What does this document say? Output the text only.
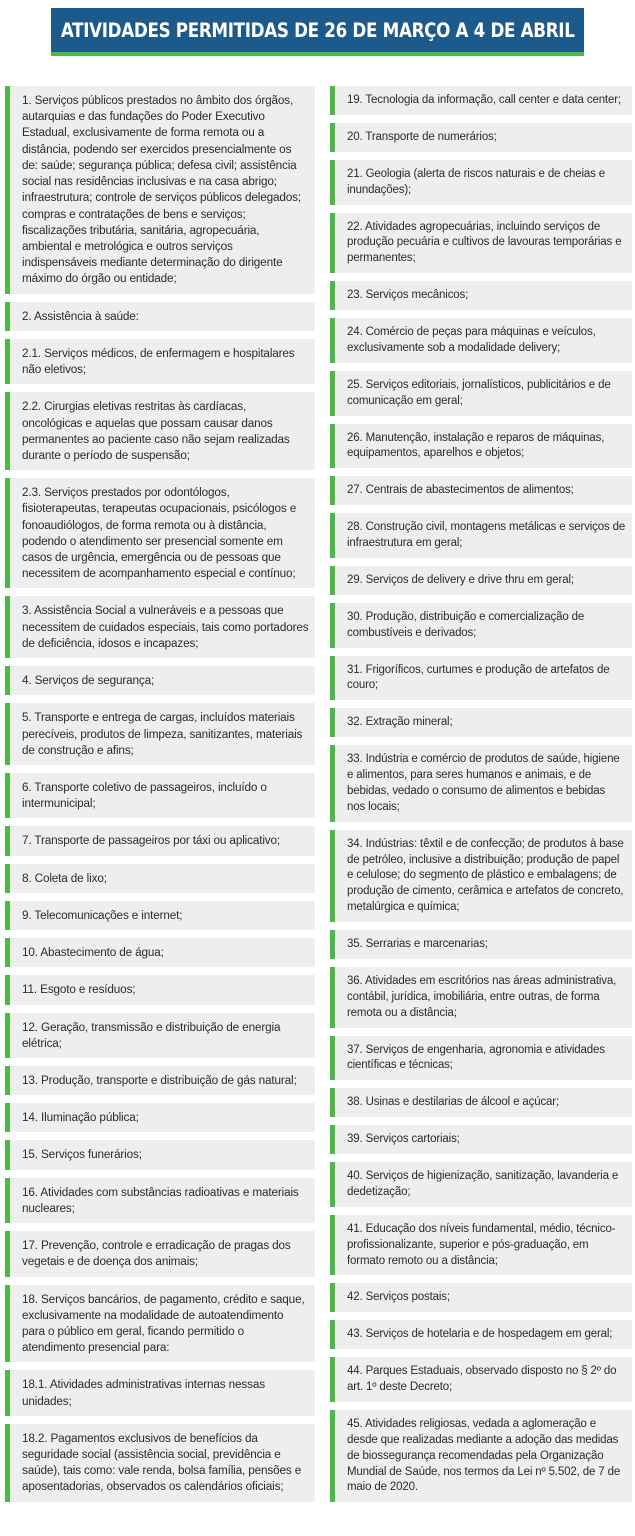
ATIVIDADES PERMITIDAS DE 26 DE MARÇO A 4 DE ABRIL
1. Serviços públicos prestados no âmbito dos órgãos, autarquias e das fundações do Poder Executivo Estadual, exclusivamente de forma remota ou a distância, podendo ser exercidos presencialmente os de: saúde; segurança pública; defesa civil; assistência social nas residências inclusivas e na casa abrigo; infraestrutura; controle de serviços públicos delegados; compras e contratações de bens e serviços; fiscalizações tributária, sanitária, agropecuária, ambiental e metrológica e outros serviços indispensáveis mediante determinação do dirigente máximo do órgão ou entidade;
2. Assistência à saúde:
2.1. Serviços médicos, de enfermagem e hospitalares não eletivos;
2.2. Cirurgias eletivas restritas às cardíacas, oncológicas e aquelas que possam causar danos permanentes ao paciente caso não sejam realizadas durante o período de suspensão;
2.3. Serviços prestados por odontólogos, fisioterapeutas, terapeutas ocupacionais, psicólogos e fonoaudiólogos, de forma remota ou à distância, podendo o atendimento ser presencial somente em casos de urgência, emergência ou de pessoas que necessitem de acompanhamento especial e contínuo;
3. Assistência Social a vulneráveis e a pessoas que necessitem de cuidados especiais, tais como portadores de deficiência, idosos e incapazes;
4. Serviços de segurança;
5. Transporte e entrega de cargas, incluídos materiais perecíveis, produtos de limpeza, sanitizantes, materiais de construção e afins;
6. Transporte coletivo de passageiros, incluído o intermunicipal;
7. Transporte de passageiros por táxi ou aplicativo;
8. Coleta de lixo;
9. Telecomunicações e internet;
10. Abastecimento de água;
11. Esgoto e resíduos;
12. Geração, transmissão e distribuição de energia elétrica;
13. Produção, transporte e distribuição de gás natural;
14. Iluminação pública;
15. Serviços funerários;
16. Atividades com substâncias radioativas e materiais nucleares;
17. Prevenção, controle e erradicação de pragas dos vegetais e de doença dos animais;
18. Serviços bancários, de pagamento, crédito e saque, exclusivamente na modalidade de autoatendimento para o público em geral, ficando permitido o atendimento presencial para:
18.1. Atividades administrativas internas nessas unidades;
18.2. Pagamentos exclusivos de benefícios da seguridade social (assistência social, previdência e saúde), tais como: vale renda, bolsa família, pensões e aposentadorias, observados os calendários oficiais;
19. Tecnologia da informação, call center e data center;
20. Transporte de numerários;
21. Geologia (alerta de riscos naturais e de cheias e inundações);
22. Atividades agropecuárias, incluindo serviços de produção pecuária e cultivos de lavouras temporárias e permanentes;
23. Serviços mecânicos;
24. Comércio de peças para máquinas e veículos, exclusivamente sob a modalidade delivery;
25. Serviços editoriais, jornalísticos, publicitários e de comunicação em geral;
26. Manutenção, instalação e reparos de máquinas, equipamentos, aparelhos e objetos;
27. Centrais de abastecimentos de alimentos;
28. Construção civil, montagens metálicas e serviços de infraestrutura em geral;
29. Serviços de delivery e drive thru em geral;
30. Produção, distribuição e comercialização de combustíveis e derivados;
31. Frigoríficos, curtumes e produção de artefatos de couro;
32. Extração mineral;
33. Indústria e comércio de produtos de saúde, higiene e alimentos, para seres humanos e animais, e de bebidas, vedado o consumo de alimentos e bebidas nos locais;
34. Indústrias: têxtil e de confecção; de produtos à base de petróleo, inclusive a distribuição; produção de papel e celulose; do segmento de plástico e embalagens; de produção de cimento, cerâmica e artefatos de concreto, metalúrgica e química;
35. Serrarias e marcenarias;
36. Atividades em escritórios nas áreas administrativa, contábil, jurídica, imobiliária, entre outras, de forma remota ou a distância;
37. Serviços de engenharia, agronomia e atividades científicas e técnicas;
38. Usinas e destilarias de álcool e açúcar;
39. Serviços cartoriais;
40. Serviços de higienização, sanitização, lavanderia e dedetização;
41. Educação dos níveis fundamental, médio, técnico-profissionalizante, superior e pós-graduação, em formato remoto ou a distância;
42. Serviços postais;
43. Serviços de hotelaria e de hospedagem em geral;
44. Parques Estaduais, observado disposto no § 2º do art. 1º deste Decreto;
45. Atividades religiosas, vedada a aglomeração e desde que realizadas mediante a adoção das medidas de biossegurança recomendadas pela Organização Mundial de Saúde, nos termos da Lei nº 5.502, de 7 de maio de 2020.
